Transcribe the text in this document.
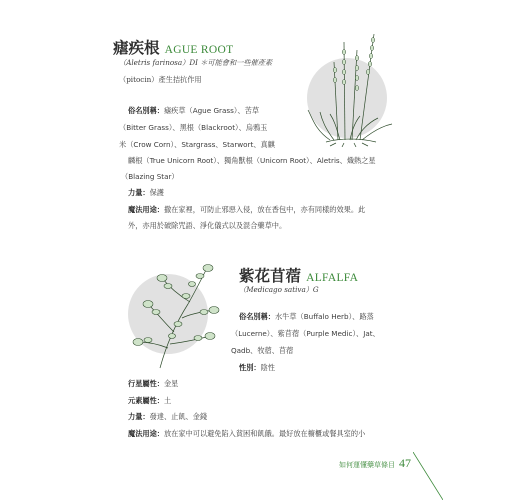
瘧疾根 AGUE ROOT
（Aletris farinosa）DI ＊可能會和一些催產素
（pitocin）產生拮抗作用
俗名別稱：瘧疾草（Ague Grass）、苦草
（Bitter Grass）、黑根（Blackroot）、烏鴉玉
米（Crow Corn）、Stargrass、Starwort、真麒
麟根（True Unicorn Root）、獨角獸根（Unicorn Root）、Aletris、熾熱之星
（Blazing Star）
力量：保護
魔法用途：撒在家裡，可防止邪惡入侵，放在香包中，亦有同樣的效果。此
外，亦用於破除咒語、淨化儀式以及混合藥草中。
紫花苜蓿 ALFALFA
（Medicago sativa）G
俗名別稱：水牛草（Buffalo Herb）、路蒸
（Lucerne）、紫苜蓿（Purple Medic）、Jat、
Qadb、牧蓿、苜蓿
性別：陰性
行星屬性：金星
元素屬性：土
力量：發達、止飢、金錢
魔法用途：放在家中可以避免陷入貧困和飢餓。最好放在櫥櫃或餐具室的小
如何運懂藥草條目 47
